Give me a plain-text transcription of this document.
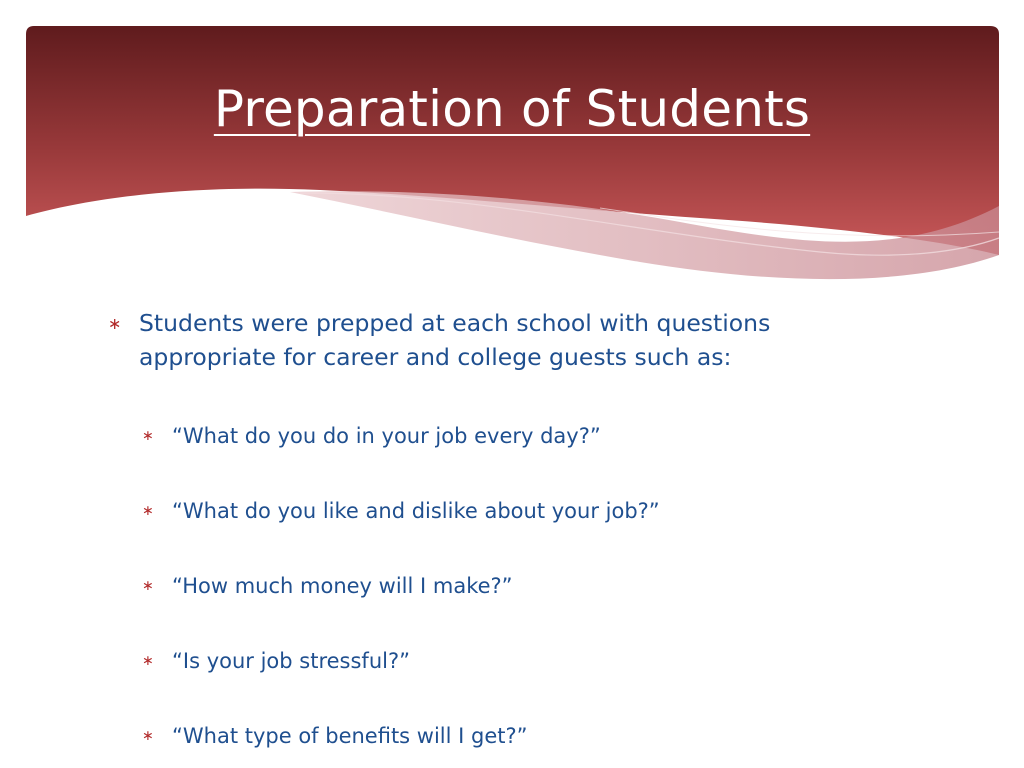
Preparation of Students
∗ Students were prepped at each school with questions appropriate for career and college guests such as:
∗ “What do you do in your job every day?”
∗ “What do you like and dislike about your job?”
∗ “How much money will I make?”
∗ “Is your job stressful?”
∗ “What type of benefits will I get?”
